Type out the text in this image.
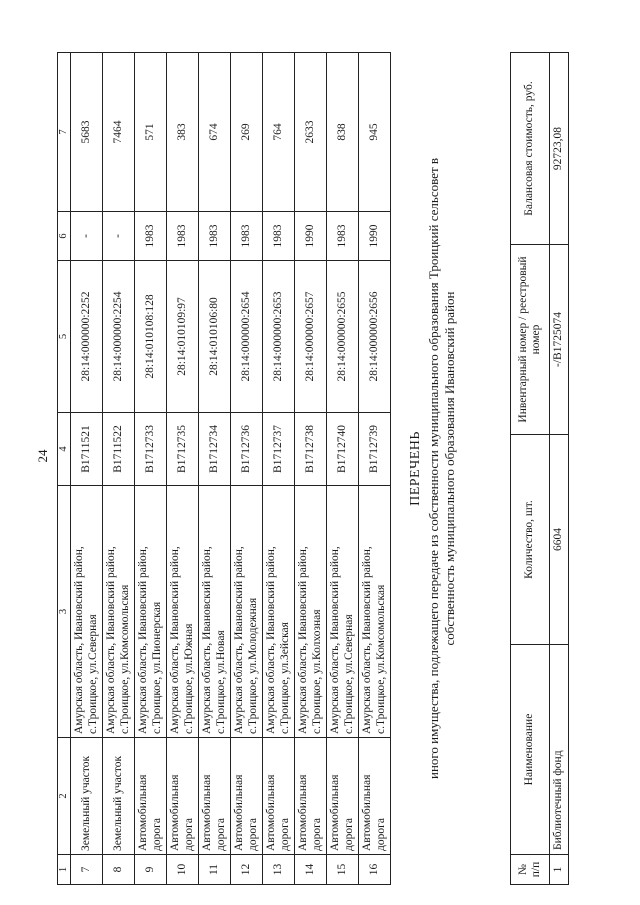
24
1	2	3	4	5	6	7
7	Земельный участок	Амурская область, Ивановский район, с.Троицкое, ул.Северная	В1711521	28:14:000000:2252	-	5683
8	Земельный участок	Амурская область, Ивановский район, с.Троицкое, ул.Комсомольская	В1711522	28:14:000000:2254	-	7464
9	Автомобильная дорога	Амурская область, Ивановский район, с.Троицкое, ул.Пионерская	В1712733	28:14:010108:128	1983	571
10	Автомобильная дорога	Амурская область, Ивановский район, с.Троицкое, ул.Южная	В1712735	28:14:010109:97	1983	383
11	Автомобильная дорога	Амурская область, Ивановский район, с.Троицкое, ул.Новая	В1712734	28:14:010106:80	1983	674
12	Автомобильная дорога	Амурская область, Ивановский район, с.Троицкое, ул.Молодежная	В1712736	28:14:000000:2654	1983	269
13	Автомобильная дорога	Амурская область, Ивановский район, с.Троицкое, ул.Зейская	В1712737	28:14:000000:2653	1983	764
14	Автомобильная дорога	Амурская область, Ивановский район, с.Троицкое, ул.Колхозная	В1712738	28:14:000000:2657	1990	2633
15	Автомобильная дорога	Амурская область, Ивановский район, с.Троицкое, ул.Северная	В1712740	28:14:000000:2655	1983	838
16	Автомобильная дорога	Амурская область, Ивановский район, с.Троицкое, ул.Комсомольская	В1712739	28:14:000000:2656	1990	945
ПЕРЕЧЕНЬ иного имущества, подлежащего передаче из собственности муниципального образования Троицкий сельсовет в собственность муниципального образования Ивановский район
№ п/п	Наименование	Количество, шт.	Инвентарный номер / реестровый номер	Балансовая стоимость, руб.
1	Библиотечный фонд	6604	-/В1725074	92723,08
